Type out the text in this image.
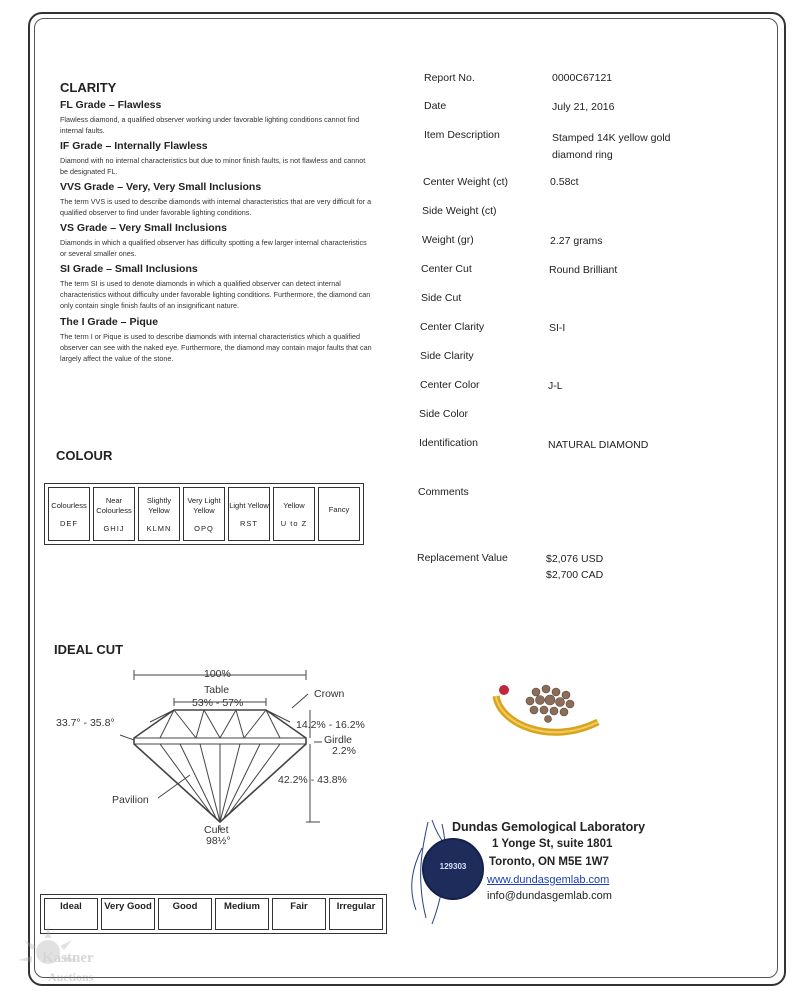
CLARITY
FL Grade – Flawless
Flawless diamond, a qualified observer working under favorable lighting conditions cannot find internal faults.
IF Grade – Internally Flawless
Diamond with no internal characteristics but due to minor finish faults, is not flawless and cannot be designated FL.
VVS Grade – Very, Very Small Inclusions
The term VVS is used to describe diamonds with internal characteristics that are very difficult for a qualified observer to find under favorable lighting conditions.
VS Grade – Very Small Inclusions
Diamonds in which a qualified observer has difficulty spotting a few larger internal characteristics or several smaller ones.
SI Grade – Small Inclusions
The term SI is used to denote diamonds in which a qualified observer can detect internal characteristics without difficulty under favorable lighting conditions. Furthermore, the diamond can only contain single finish faults of an insignificant nature.
The I Grade – Pique
The term I or Pique is used to describe diamonds with internal characteristics which a qualified observer can see with the naked eye. Furthermore, the diamond may contain major faults that can largely affect the value of the stone.
COLOUR
Colourless
DEF

Near Colourless
GHIJ

Slightly Yellow
KLMN

Very Light Yellow
OPQ

Light Yellow
RST

Yellow
U to Z

Fancy
IDEAL CUT
100%
Table
53% - 57%
Crown
33.7° - 35.8°	14.2% - 16.2%
Girdle
2.2%
42.2% - 43.8%
Pavilion
Culet
98½°
Ideal	Very Good	Good	Medium	Fair	Irregular
Report No.	0000C67121
Date	July 21, 2016
Item Description	Stamped 14K yellow gold diamond ring
Center Weight (ct)	0.58ct
Side Weight (ct)
Weight (gr)	2.27 grams
Center Cut	Round Brilliant
Side Cut
Center Clarity	SI-I
Side Clarity
Center Color	J-L
Side Color
Identification	NATURAL DIAMOND
Comments
Replacement Value	$2,076 USD
$2,700 CAD
129303
Dundas Gemological Laboratory
1 Yonge St, suite 1801
Toronto, ON M5E 1W7
www.dundasgemlab.com
info@dundasgemlab.com
Kastner
Auctions
